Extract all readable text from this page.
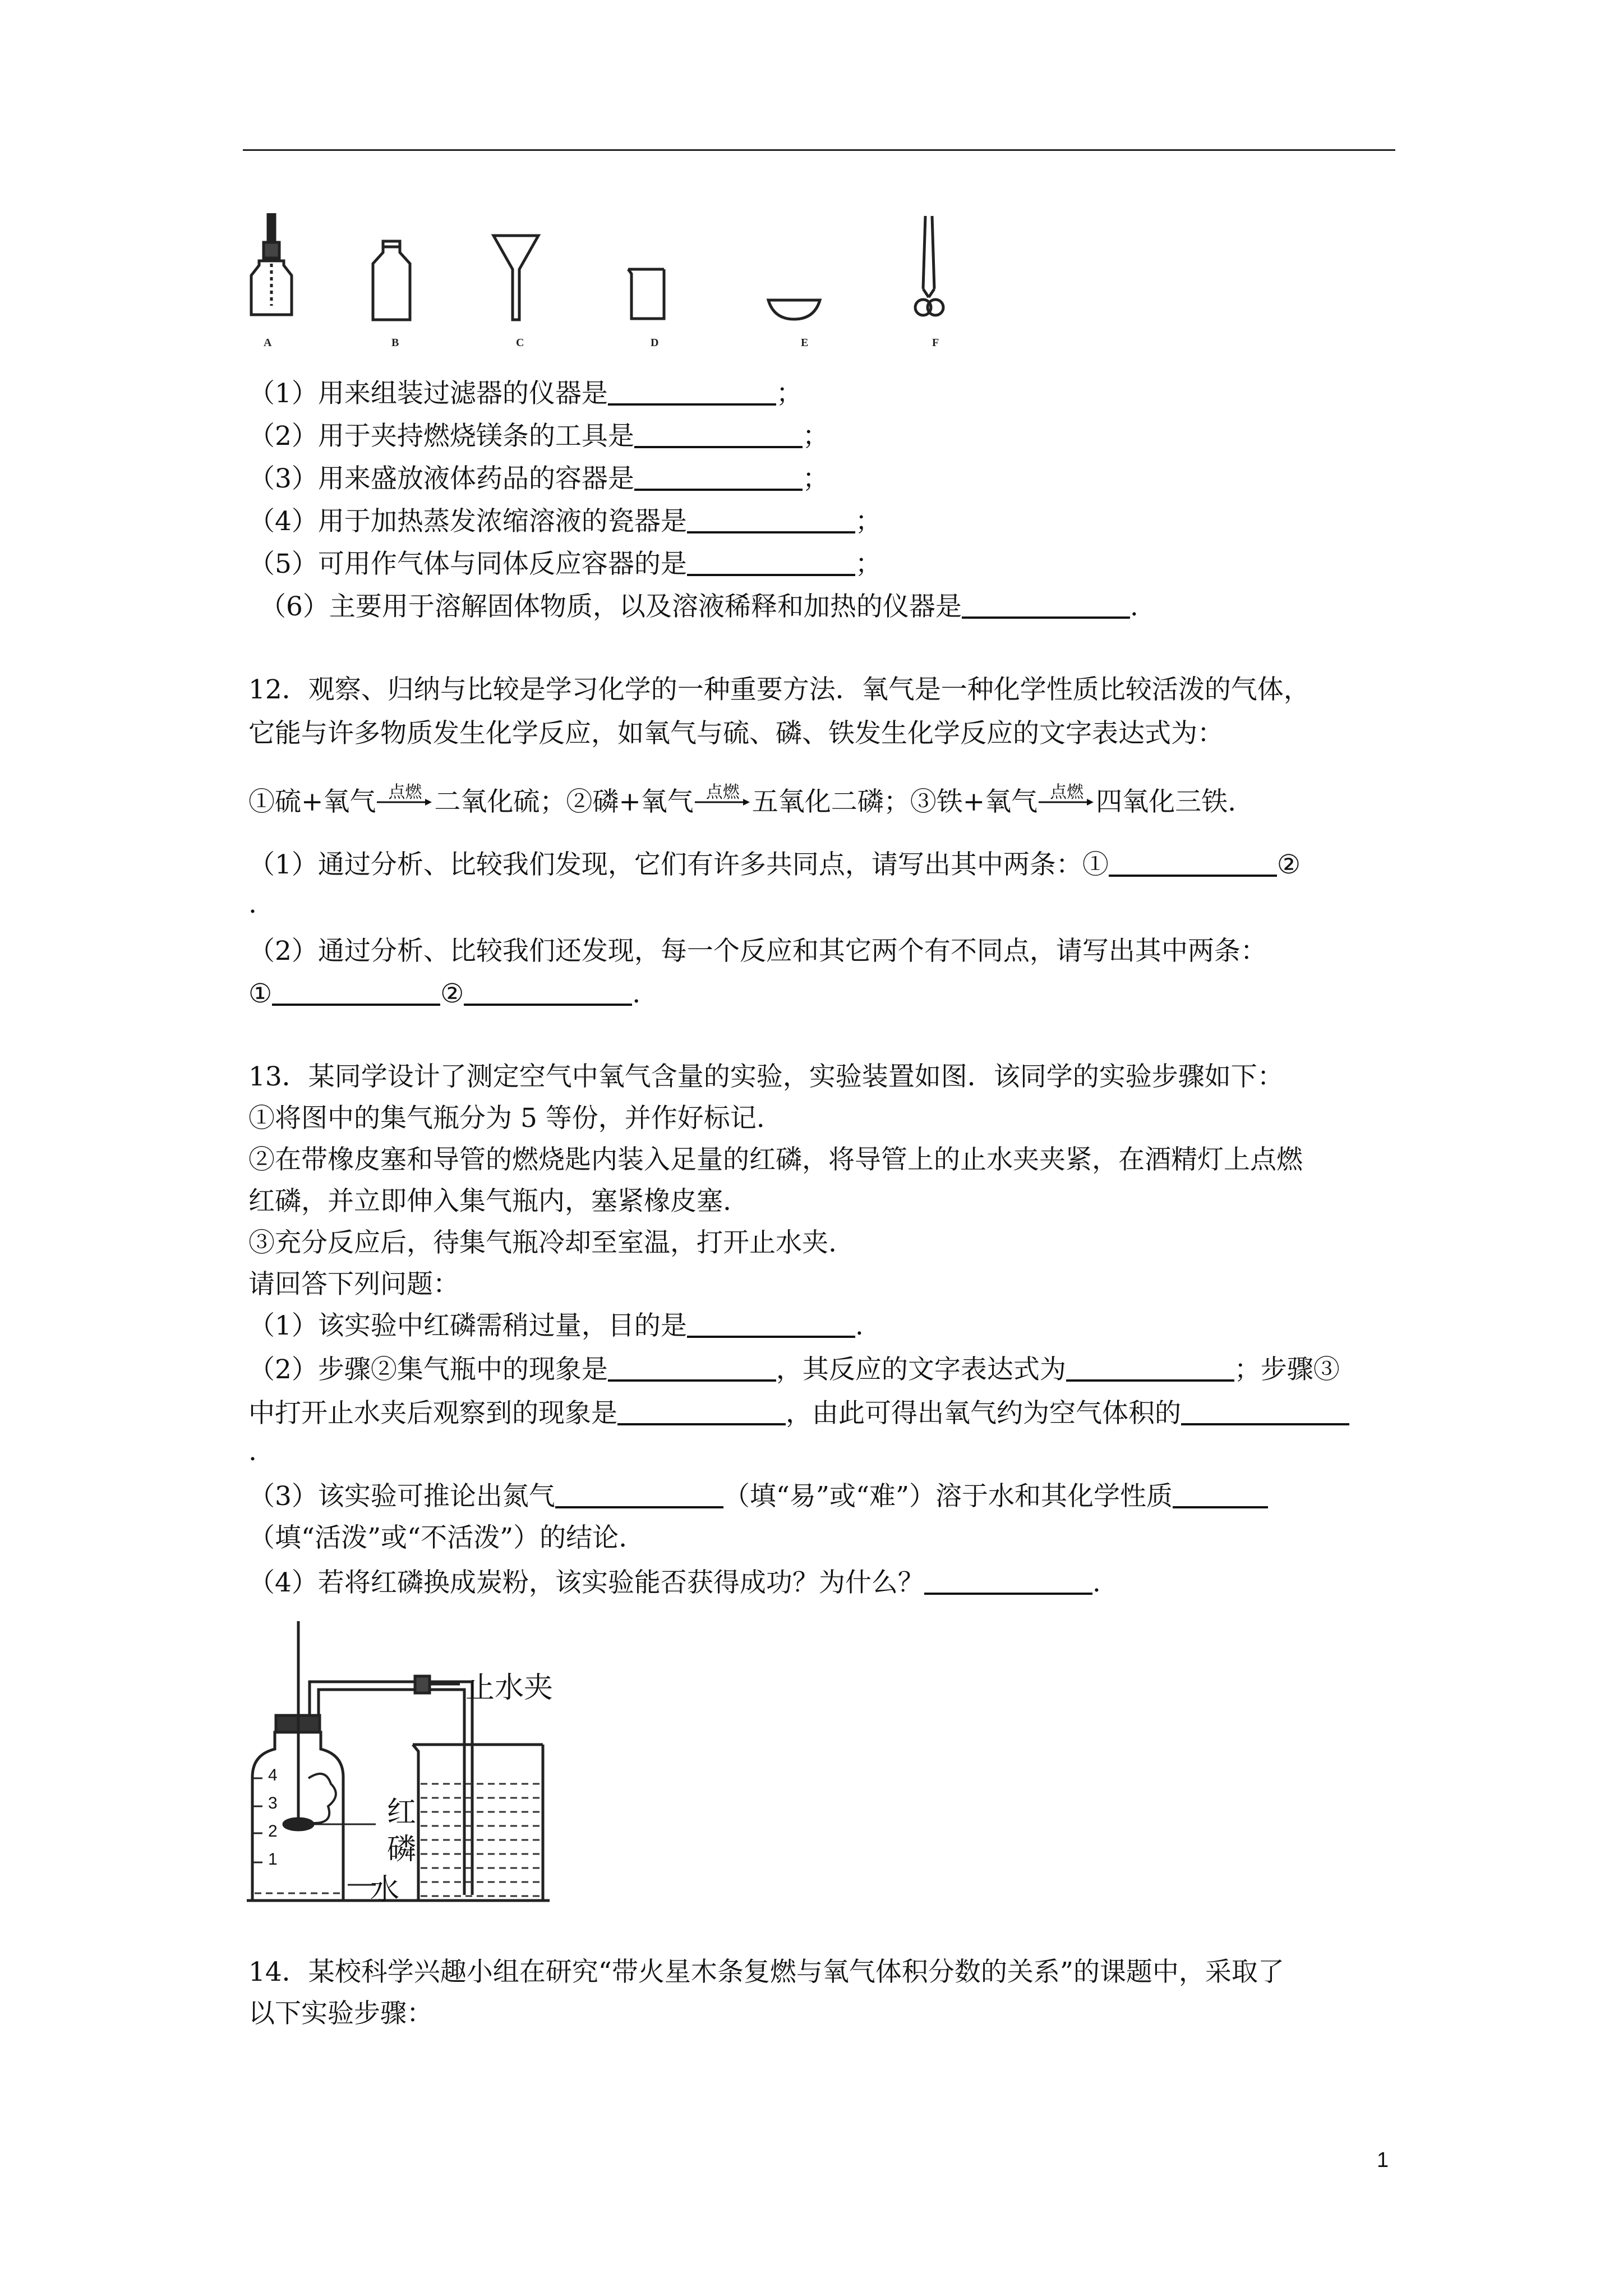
A	B	C	D	E	F
（1）用来组装过滤器的仪器是	；
（2）用于夹持燃烧镁条的工具是	；
（3）用来盛放液体药品的容器是	；
（4）用于加热蒸发浓缩溶液的瓷器是	；
（5）可用作气体与同体反应容器的是	；
（6）主要用于溶解固体物质，以及溶液稀释和加热的仪器是	.
12．观察、归纳与比较是学习化学的一种重要方法．氧气是一种化学性质比较活泼的气体，
它能与许多物质发生化学反应，如氧气与硫、磷、铁发生化学反应的文字表达式为：
①硫+氧气 点燃 二氧化硫；②磷+氧气 点燃 五氧化二磷；③铁+氧气 点燃 四氧化三铁.
（1）通过分析、比较我们发现，它们有许多共同点，请写出其中两条：①	②
.
（2）通过分析、比较我们还发现，每一个反应和其它两个有不同点，请写出其中两条：
①	②	.
13．某同学设计了测定空气中氧气含量的实验，实验装置如图．该同学的实验步骤如下：
①将图中的集气瓶分为 5 等份，并作好标记.
②在带橡皮塞和导管的燃烧匙内装入足量的红磷，将导管上的止水夹夹紧，在酒精灯上点燃
红磷，并立即伸入集气瓶内，塞紧橡皮塞.
③充分反应后，待集气瓶冷却至室温，打开止水夹.
请回答下列问题：
（1）该实验中红磷需稍过量，目的是	.
（2）步骤②集气瓶中的现象是	，其反应的文字表达式为	；步骤③
中打开止水夹后观察到的现象是	，由此可得出氧气约为空气体积的
.
（3）该实验可推论出氮气	（填“易”或“难”）溶于水和其化学性质
（填“活泼”或“不活泼”）的结论.
（4）若将红磷换成炭粉，该实验能否获得成功？为什么？	.
4
3
2
1
止水夹
红
磷
水
14．某校科学兴趣小组在研究“带火星木条复燃与氧气体积分数的关系”的课题中，采取了
以下实验步骤：
1
